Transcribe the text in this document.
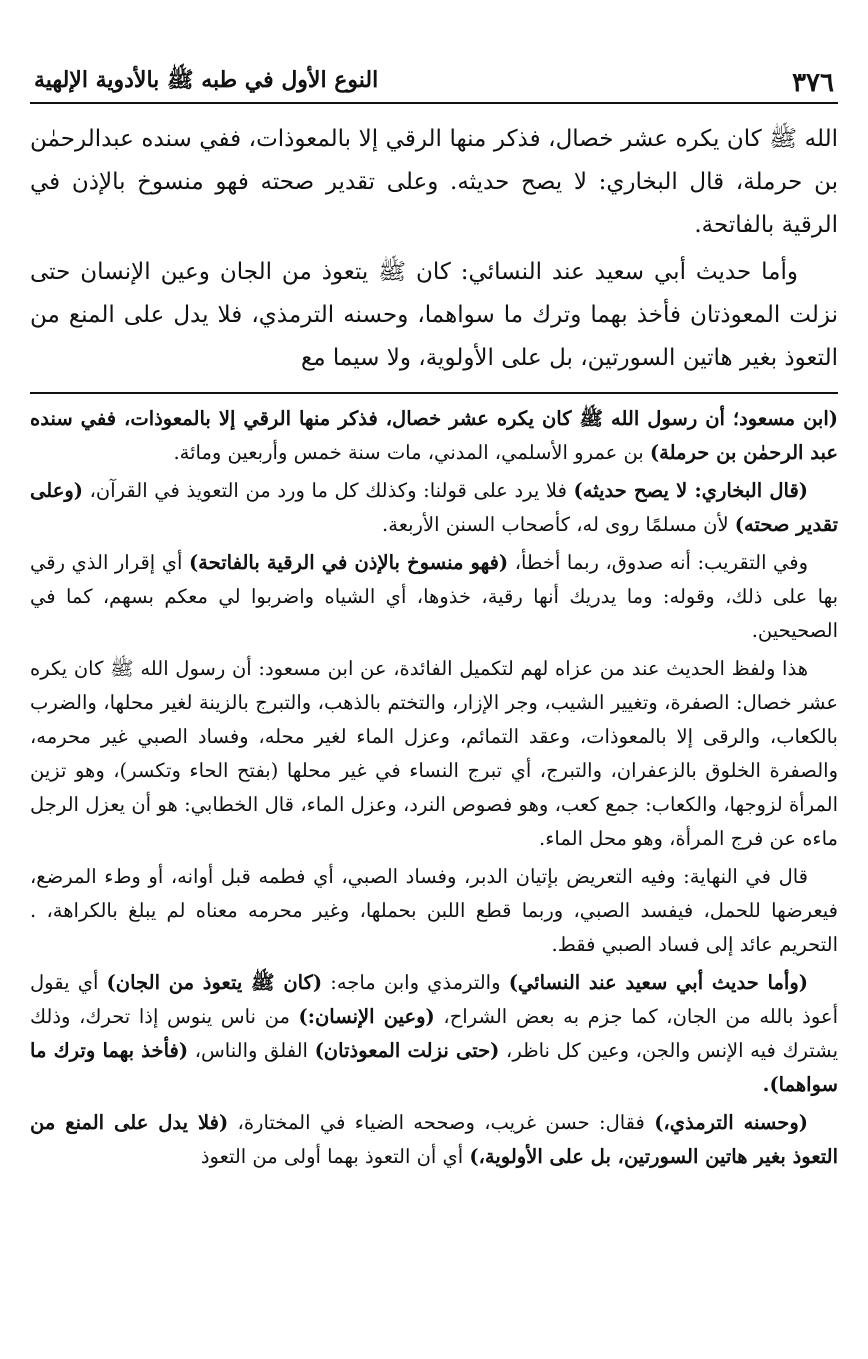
٣٧٦
النوع الأول في طبه ﷺ بالأدوية الإلهية

الله ﷺ كان يكره عشر خصال، فذكر منها الرقي إلا بالمعوذات، ففي سنده عبدالرحمٰن بن حرملة، قال البخاري: لا يصح حديثه. وعلى تقدير صحته فهو منسوخ بالإذن في الرقية بالفاتحة.

وأما حديث أبي سعيد عند النسائي: كان ﷺ يتعوذ من الجان وعين الإنسان حتى نزلت المعوذتان فأخذ بهما وترك ما سواهما، وحسنه الترمذي، فلا يدل على المنع من التعوذ بغير هاتين السورتين، بل على الأولوية، ولا سيما مع

(ابن مسعود؛ أن رسول الله ﷺ كان يكره عشر خصال، فذكر منها الرقي إلا بالمعوذات، ففي سنده عبد الرحمٰن بن حرملة) بن عمرو الأسلمي، المدني، مات سنة خمس وأربعين ومائة.

(قال البخاري: لا يصح حديثه) فلا يرد على قولنا: وكذلك كل ما ورد من التعويذ في القرآن، (وعلى تقدير صحته) لأن مسلمًا روى له، كأصحاب السنن الأربعة.

وفي التقريب: أنه صدوق، ربما أخطأ، (فهو منسوخ بالإذن في الرقية بالفاتحة) أي إقرار الذي رقي بها على ذلك، وقوله: وما يدريك أنها رقية، خذوها، أي الشياه واضربوا لي معكم بسهم، كما في الصحيحين.

هذا ولفظ الحديث عند من عزاه لهم لتكميل الفائدة، عن ابن مسعود: أن رسول الله ﷺ كان يكره عشر خصال: الصفرة، وتغيير الشيب، وجر الإزار، والتختم بالذهب، والتبرج بالزينة لغير محلها، والضرب بالكعاب، والرقى إلا بالمعوذات، وعقد التمائم، وعزل الماء لغير محله، وفساد الصبي غير محرمه، والصفرة الخلوق بالزعفران، والتبرج، أي تبرج النساء في غير محلها (بفتح الحاء وتكسر)، وهو تزين المرأة لزوجها، والكعاب: جمع كعب، وهو فصوص النرد، وعزل الماء، قال الخطابي: هو أن يعزل الرجل ماءه عن فرج المرأة، وهو محل الماء.

قال في النهاية: وفيه التعريض بإتيان الدبر، وفساد الصبي، أي فطمه قبل أوانه، أو وطء المرضع، فيعرضها للحمل، فيفسد الصبي، وربما قطع اللبن بحملها، وغير محرمه معناه لم يبلغ بالكراهة، . التحريم عائد إلى فساد الصبي فقط.

(وأما حديث أبي سعيد عند النسائي) والترمذي وابن ماجه: (كان ﷺ يتعوذ من الجان) أي يقول أعوذ بالله من الجان، كما جزم به بعض الشراح، (وعين الإنسان:) من ناس ينوس إذا تحرك، وذلك يشترك فيه الإنس والجن، وعين كل ناظر، (حتى نزلت المعوذتان) الفلق والناس، (فأخذ بهما وترك ما سواهما).

(وحسنه الترمذي،) فقال: حسن غريب، وصححه الضياء في المختارة، (فلا يدل على المنع من التعوذ بغير هاتين السورتين، بل على الأولوية،) أي أن التعوذ بهما أولى من التعوذ
